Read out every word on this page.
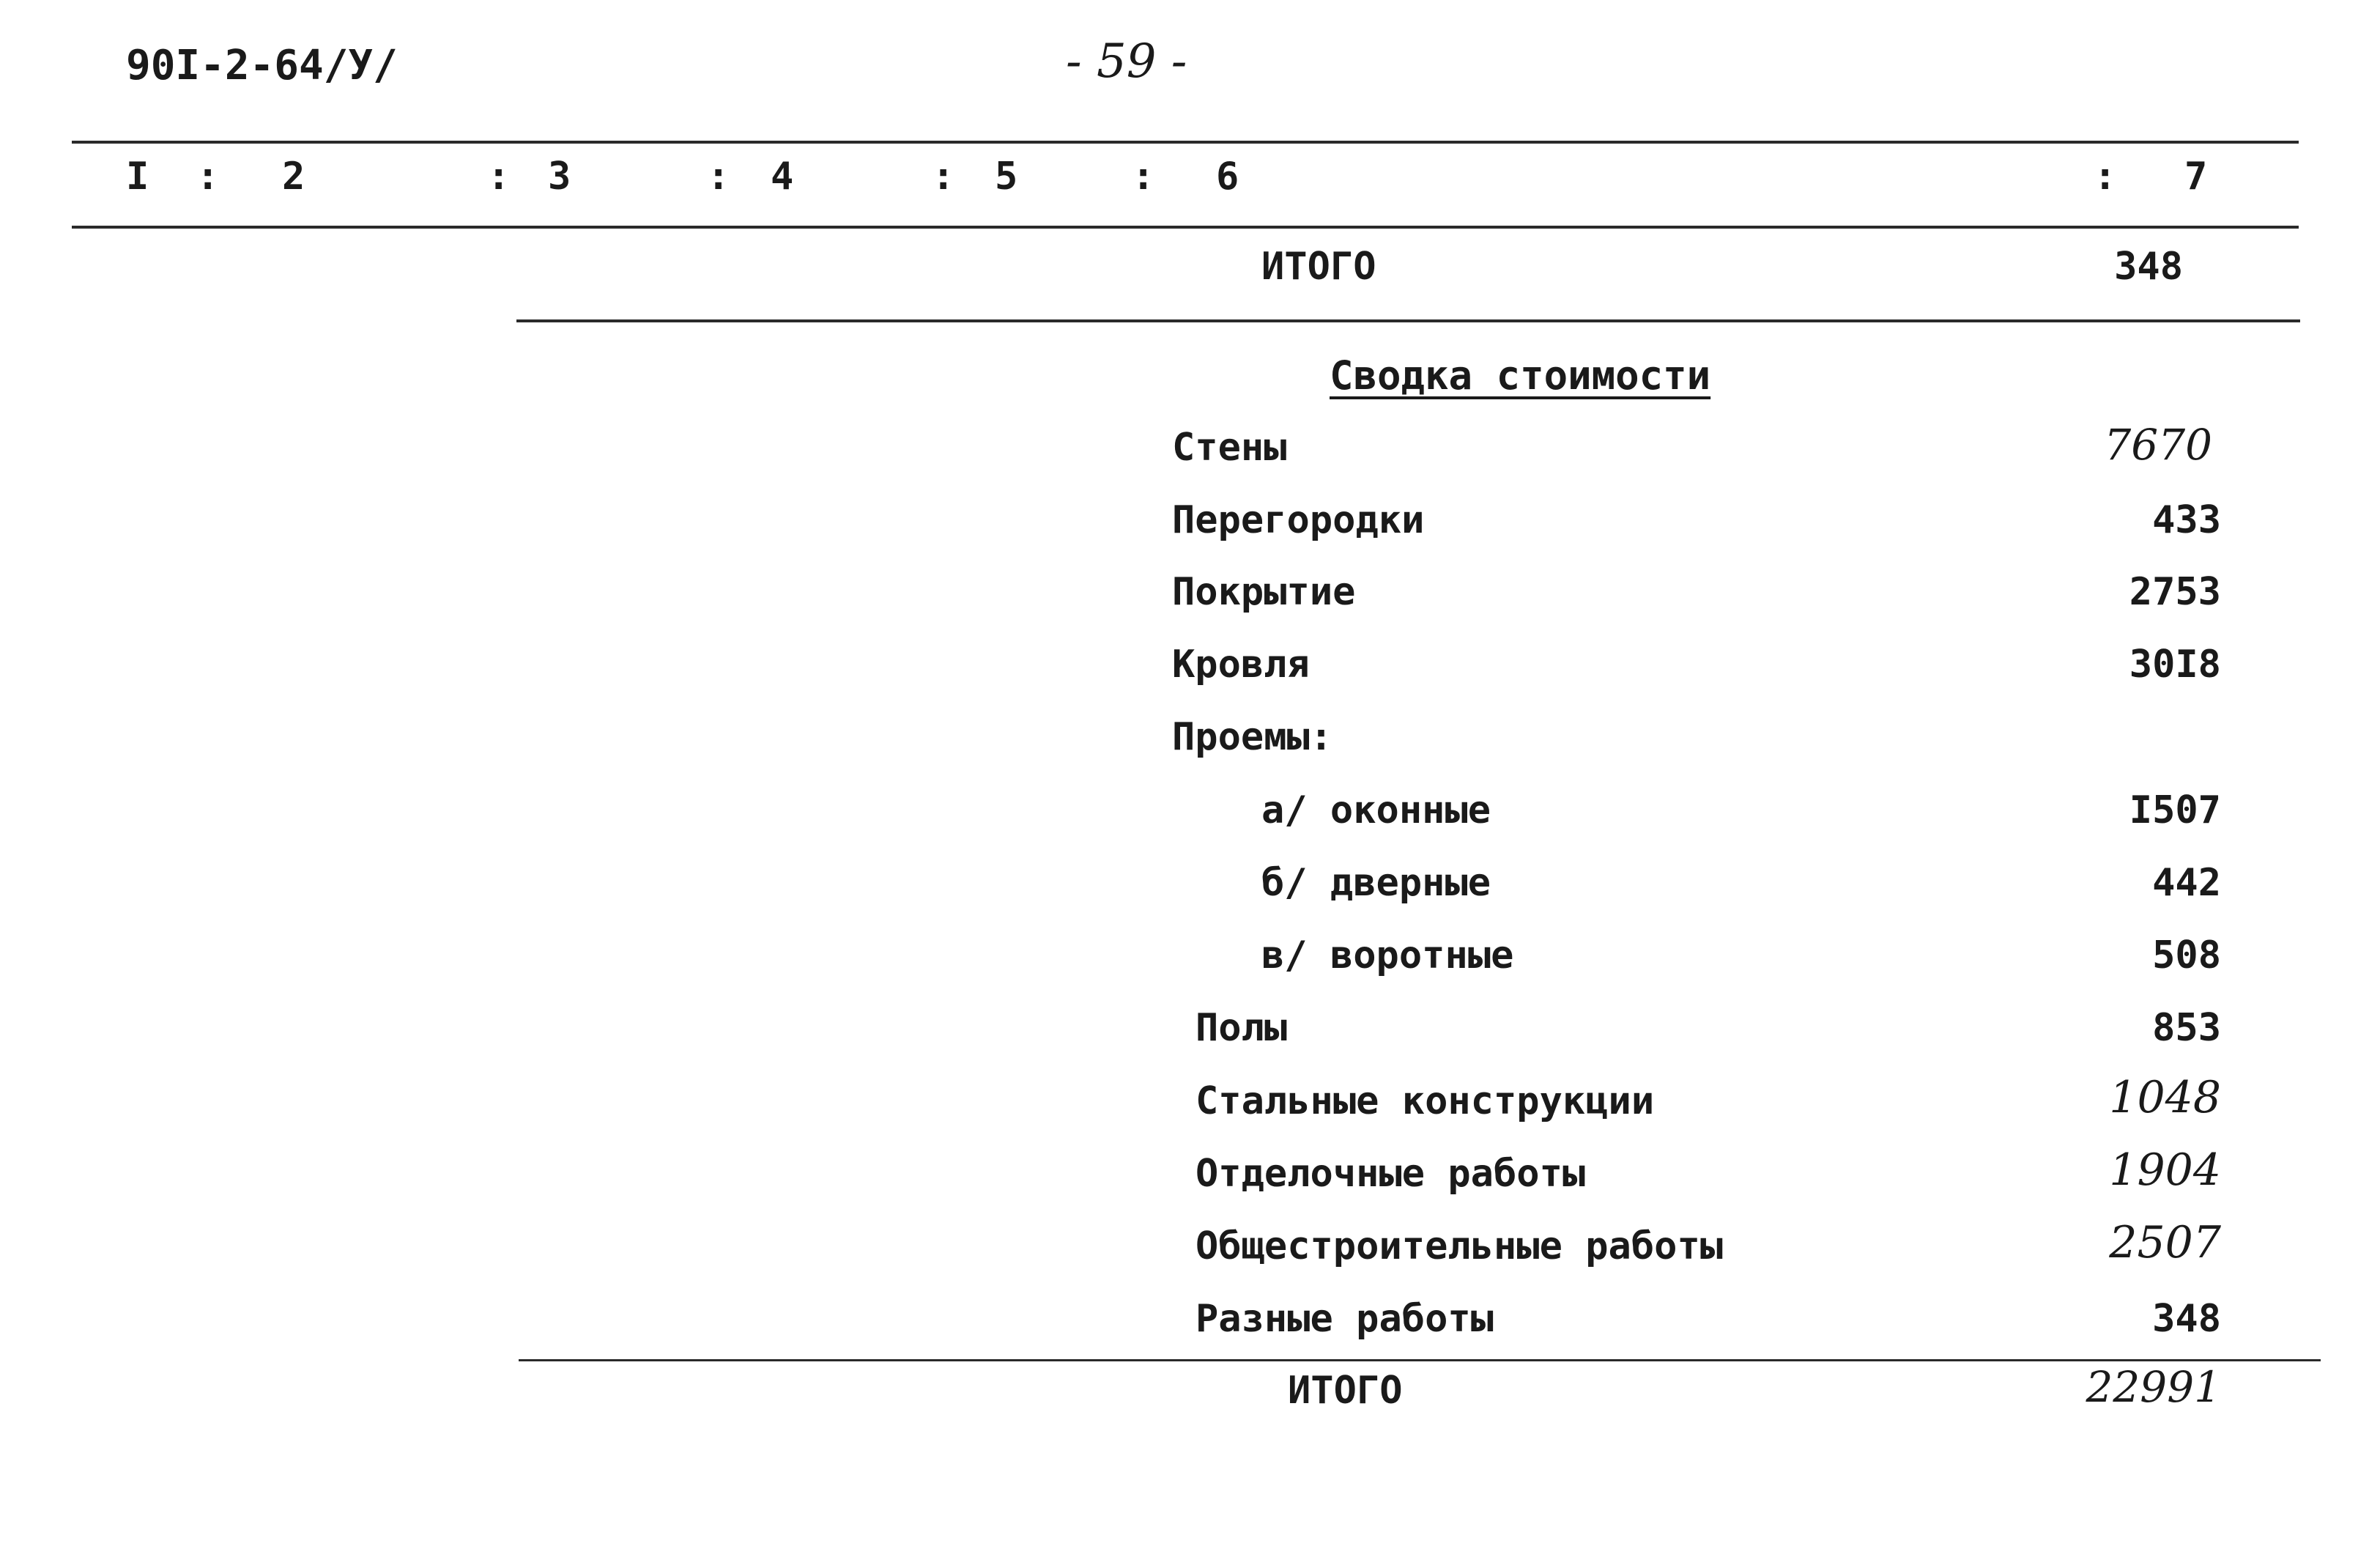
90I-2-64/У/	- 59 -
I : 2	: 3	: 4	: 5	: 6	: 7
ИТОГО	348
Сводка стоимости
Стены	7670
Перегородки	433
Покрытие	2753
Кровля	30I8
Проемы:
а/ оконные	I507
б/ дверные	442
в/ воротные	508
Полы	853
Стальные конструкции	1048
Отделочные работы	1904
Общестроительные работы	2507
Разные работы	348
ИТОГО	22991
